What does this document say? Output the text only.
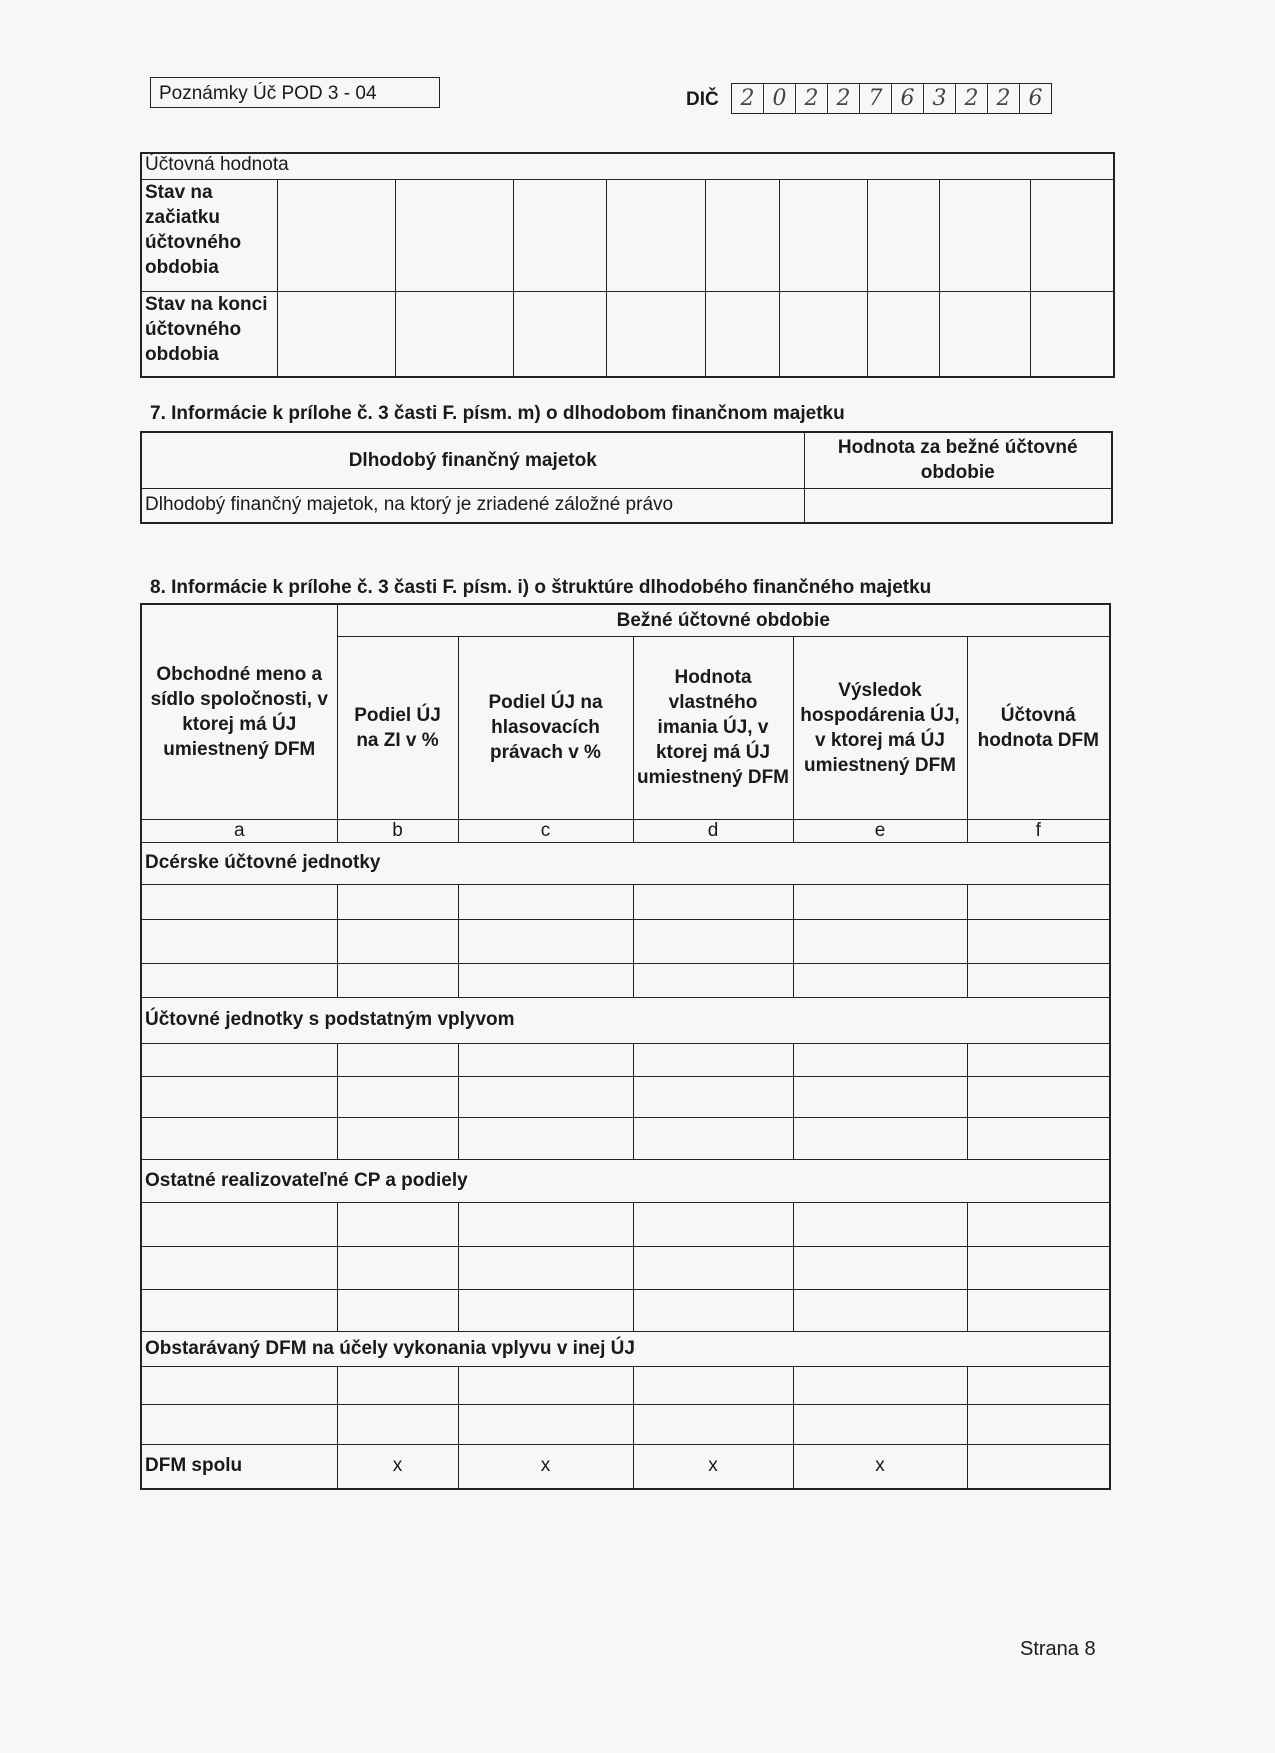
Poznámky Úč POD 3 - 04	DIČ 2 0 2 2 7 6 3 2 2 6
Účtovná hodnota									
Stav na začiatku účtovného obdobia									
Stav na konci účtovného obdobia									
7. Informácie k prílohe č. 3 časti F. písm. m) o dlhodobom finančnom majetku
Dlhodobý finančný majetok	Hodnota za bežné účtovné obdobie
Dlhodobý finančný majetok, na ktorý je zriadené záložné právo	
8. Informácie k prílohe č. 3 časti F. písm. i) o štruktúre dlhodobého finančného majetku
Obchodné meno a sídlo spoločnosti, v ktorej má ÚJ umiestnený DFM	Bežné účtovné obdobie				
	Podiel ÚJ na ZI v %	Podiel ÚJ na hlasovacích právach v %	Hodnota vlastného imania ÚJ, v ktorej má ÚJ umiestnený DFM	Výsledok hospodárenia ÚJ, v ktorej má ÚJ umiestnený DFM	Účtovná hodnota DFM
a	b	c	d	e	f
Dcérske účtovné jednotky					

Účtovné jednotky s podstatným vplyvom					

Ostatné realizovateľné CP a podiely					

Obstarávaný DFM na účely vykonania vplyvu v inej ÚJ					

DFM spolu	x	x	x	x	
Strana 8
